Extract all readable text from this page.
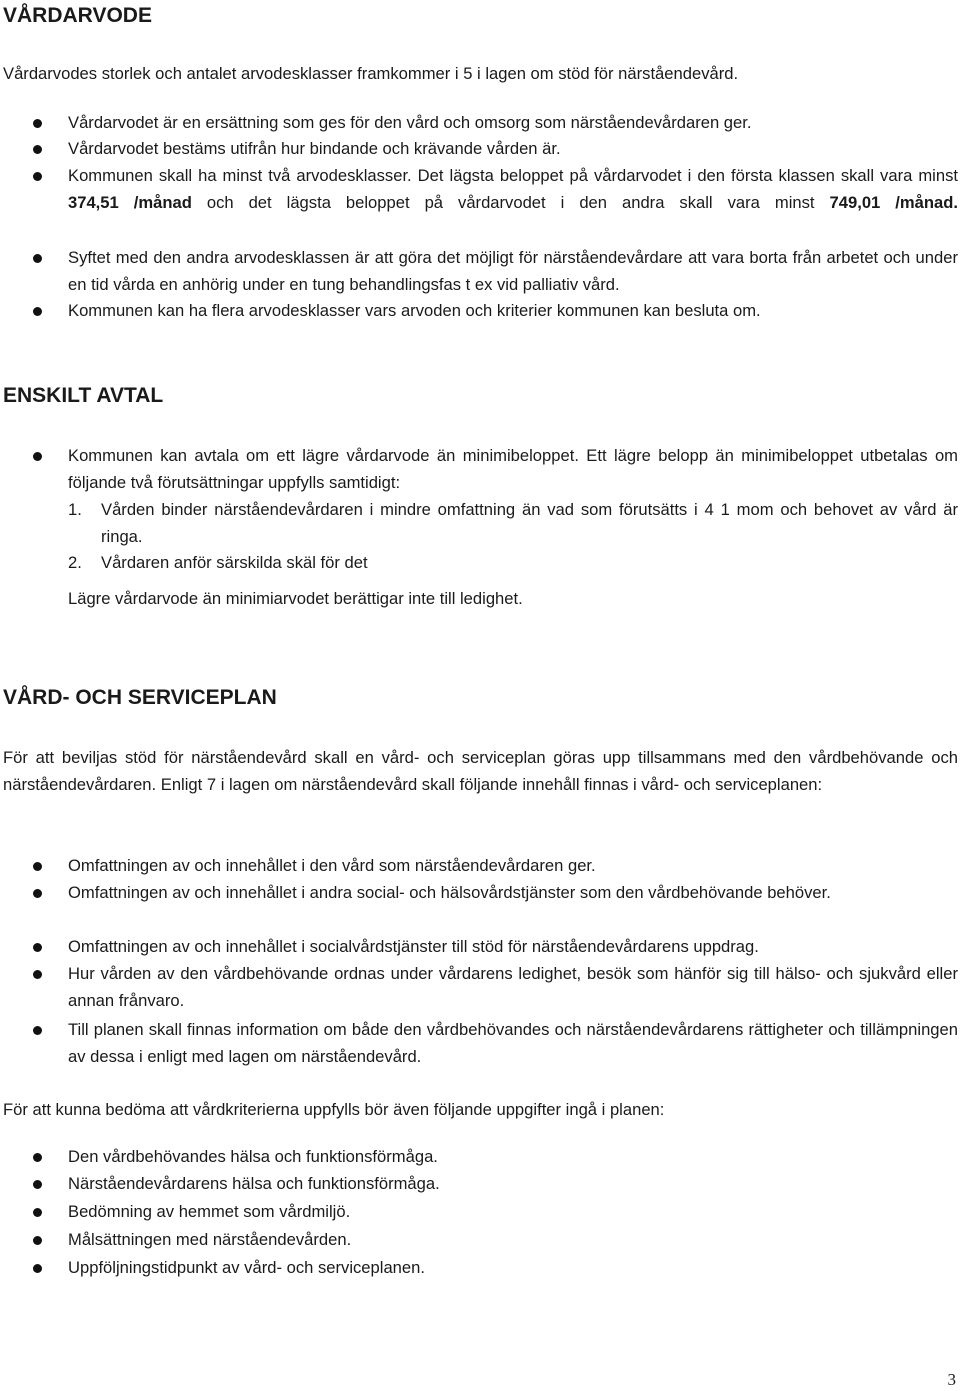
VÅRDARVODE
Vårdarvodes storlek och antalet arvodesklasser framkommer i 5 i lagen om stöd för närståendevård.
Vårdarvodet är en ersättning som ges för den vård och omsorg som närståendevårdaren ger.
Vårdarvodet bestäms utifrån hur bindande och krävande vården är.
Kommunen skall ha minst två arvodesklasser. Det lägsta beloppet på vårdarvodet i den första klassen skall vara minst 374,51 /månad och det lägsta beloppet på vårdarvodet i den andra skall vara minst 749,01 /månad.
Syftet med den andra arvodesklassen är att göra det möjligt för närståendevårdare att vara borta från arbetet och under en tid vårda en anhörig under en tung behandlingsfas t ex vid palliativ vård.
Kommunen kan ha flera arvodesklasser vars arvoden och kriterier kommunen kan besluta om.
ENSKILT AVTAL
Kommunen kan avtala om ett lägre vårdarvode än minimibeloppet. Ett lägre belopp än minimibeloppet utbetalas om följande två förutsättningar uppfylls samtidigt:
1. Vården binder närståendevårdaren i mindre omfattning än vad som förutsätts i 4 1 mom och behovet av vård är ringa.
2. Vårdaren anför särskilda skäl för det
Lägre vårdarvode än minimiarvodet berättigar inte till ledighet.
VÅRD- OCH SERVICEPLAN
För att beviljas stöd för närståendevård skall en vård- och serviceplan göras upp tillsammans med den vårdbehövande och närståendevårdaren. Enligt 7 i lagen om närståendevård skall följande innehåll finnas i vård- och serviceplanen:
Omfattningen av och innehållet i den vård som närståendevårdaren ger.
Omfattningen av och innehållet i andra social- och hälsovårdstjänster som den vårdbehövande behöver.
Omfattningen av och innehållet i socialvårdstjänster till stöd för närståendevårdarens uppdrag.
Hur vården av den vårdbehövande ordnas under vårdarens ledighet, besök som hänför sig till hälso- och sjukvård eller annan frånvaro.
Till planen skall finnas information om både den vårdbehövandes och närståendevårdarens rättigheter och tillämpningen av dessa i enligt med lagen om närståendevård.
För att kunna bedöma att vårdkriterierna uppfylls bör även följande uppgifter ingå i planen:
Den vårdbehövandes hälsa och funktionsförmåga.
Närståendevårdarens hälsa och funktionsförmåga.
Bedömning av hemmet som vårdmiljö.
Målsättningen med närståendevården.
Uppföljningstidpunkt av vård- och serviceplanen.
3
